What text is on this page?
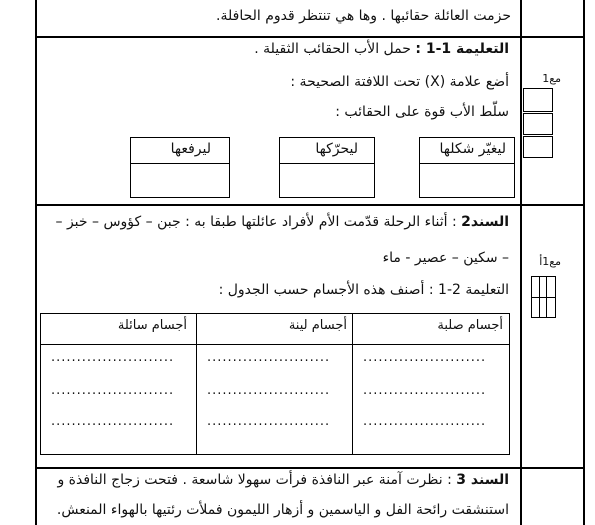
حزمت العائلة حقائبها . وها هي تنتظر قدوم الحافلة.
التعليمة 1-1 : حمل الأب الحقائب الثقيلة .
أضع علامة (X) تحت اللافتة الصحيحة :
سلّط الأب قوة على الحقائب :
ليغيّر شكلها
ليحرّكها
ليرفعها
مع1
السند2 : أثناء الرحلة قدّمت الأم لأفراد عائلتها طبقا به : جبن – كؤوس – خبز –
– سكين – عصير - ماء
التعليمة 2-1 : أصنف هذه الأجسام حسب الجدول :
مع1أ
أجسام صلبة
أجسام لينة
أجسام سائلة
........................
........................
........................
........................
........................
........................
........................
........................
........................
السند 3 : نظرت آمنة عبر النافذة فرأت سهولا شاسعة . فتحت زجاج النافذة و
استنشقت رائحة الفل و الياسمين و أزهار الليمون فملأت رئتيها بالهواء المنعش.
